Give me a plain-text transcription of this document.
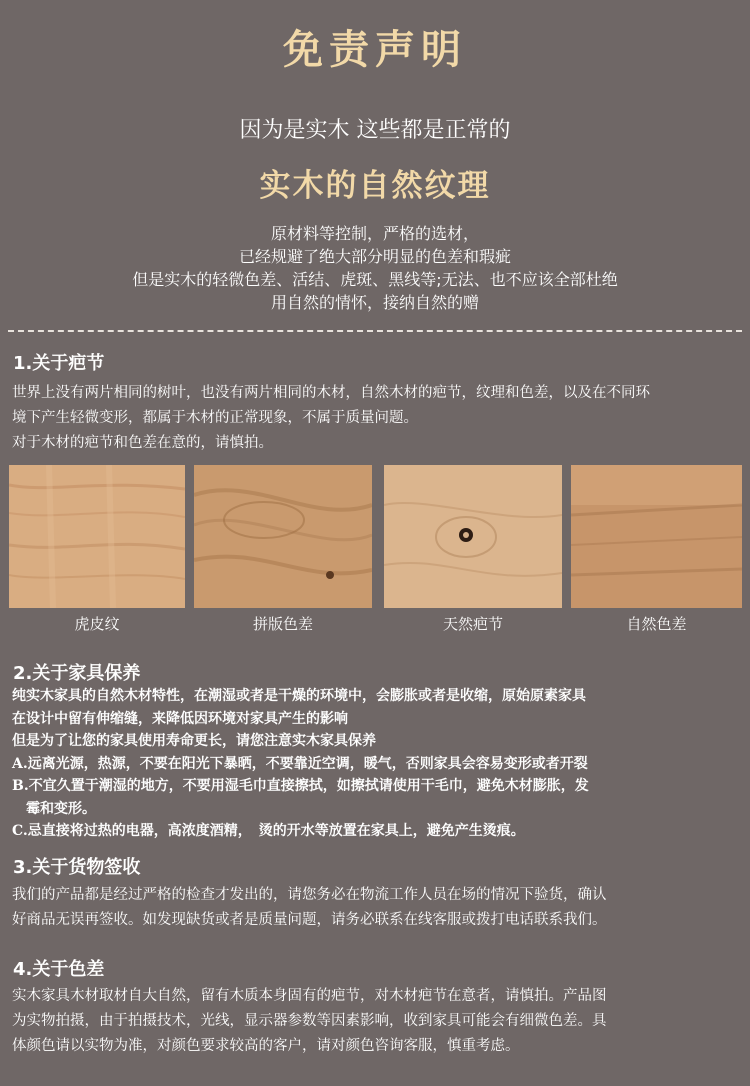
免责声明
因为是实木 这些都是正常的
实木的自然纹理
原材料等控制，严格的选材，
已经规避了绝大部分明显的色差和瑕疵
但是实木的轻微色差、活结、虎斑、黑线等;无法、也不应该全部杜绝
用自然的情怀，接纳自然的赠
1.关于疤节
世界上没有两片相同的树叶，也没有两片相同的木材，自然木材的疤节，纹理和色差，以及在不同环
境下产生轻微变形，都属于木材的正常现象，不属于质量问题。
对于木材的疤节和色差在意的，请慎拍。
虎皮纹	拼版色差	天然疤节	自然色差
2.关于家具保养
纯实木家具的自然木材特性，在潮湿或者是干燥的环境中，会膨胀或者是收缩，原始原素家具
在设计中留有伸缩缝，来降低因环境对家具产生的影响
但是为了让您的家具使用寿命更长，请您注意实木家具保养
A.远离光源，热源，不要在阳光下暴晒，不要靠近空调，暖气，否则家具会容易变形或者开裂
B.不宜久置于潮湿的地方，不要用湿毛巾直接擦拭，如擦拭请使用干毛巾，避免木材膨胀，发
霉和变形。
C.忌直接将过热的电器，高浓度酒精，　烫的开水等放置在家具上，避免产生烫痕。
3.关于货物签收
我们的产品都是经过严格的检查才发出的，请您务必在物流工作人员在场的情况下验货，确认
好商品无误再签收。如发现缺货或者是质量问题，请务必联系在线客服或拨打电话联系我们。
4.关于色差
实木家具木材取材自大自然，留有木质本身固有的疤节，对木材疤节在意者，请慎拍。产品图
为实物拍摄，由于拍摄技术，光线，显示器参数等因素影响，收到家具可能会有细微色差。具
体颜色请以实物为准，对颜色要求较高的客户，请对颜色咨询客服，慎重考虑。
